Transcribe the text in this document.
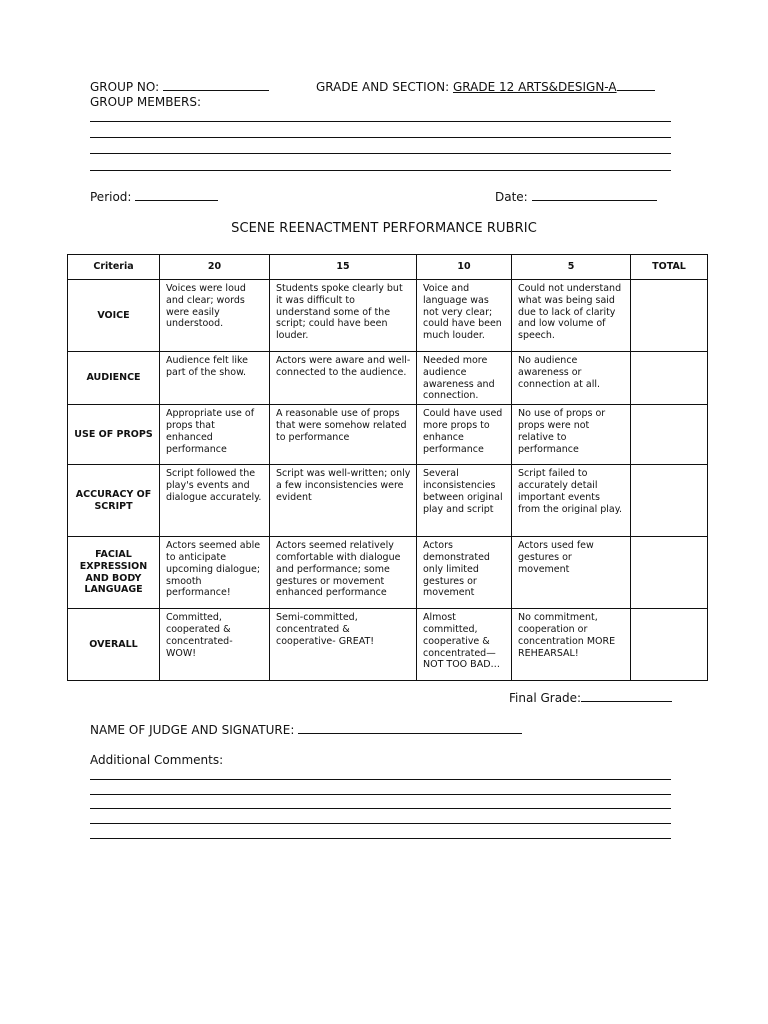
GROUP NO:	GRADE AND SECTION: GRADE 12 ARTS&DESIGN-A
GROUP MEMBERS:
Period:	Date:
SCENE REENACTMENT PERFORMANCE RUBRIC
Criteria	20	15	10	5	TOTAL
VOICE	Voices were loud and clear; words were easily understood.	Students spoke clearly but it was difficult to understand some of the script; could have been louder.	Voice and language was not very clear; could have been much louder.	Could not understand what was being said due to lack of clarity and low volume of speech.	
AUDIENCE	Audience felt like part of the show.	Actors were aware and well-connected to the audience.	Needed more audience awareness and connection.	No audience awareness or connection at all.	
USE OF PROPS	Appropriate use of props that enhanced performance	A reasonable use of props that were somehow related to performance	Could have used more props to enhance performance	No use of props or props were not relative to performance	
ACCURACY OF SCRIPT	Script followed the play's events and dialogue accurately.	Script was well-written; only a few inconsistencies were evident	Several inconsistencies between original play and script	Script failed to accurately detail important events from the original play.	
FACIAL EXPRESSION AND BODY LANGUAGE	Actors seemed able to anticipate upcoming dialogue; smooth performance!	Actors seemed relatively comfortable with dialogue and performance; some gestures or movement enhanced performance	Actors demonstrated only limited gestures or movement	Actors used few gestures or movement	
OVERALL	Committed, cooperated & concentrated- WOW!	Semi-committed, concentrated & cooperative- GREAT!	Almost committed, cooperative & concentrated—NOT TOO BAD…	No commitment, cooperation or concentration MORE REHEARSAL!	
Final Grade:
NAME OF JUDGE AND SIGNATURE:
Additional Comments:
